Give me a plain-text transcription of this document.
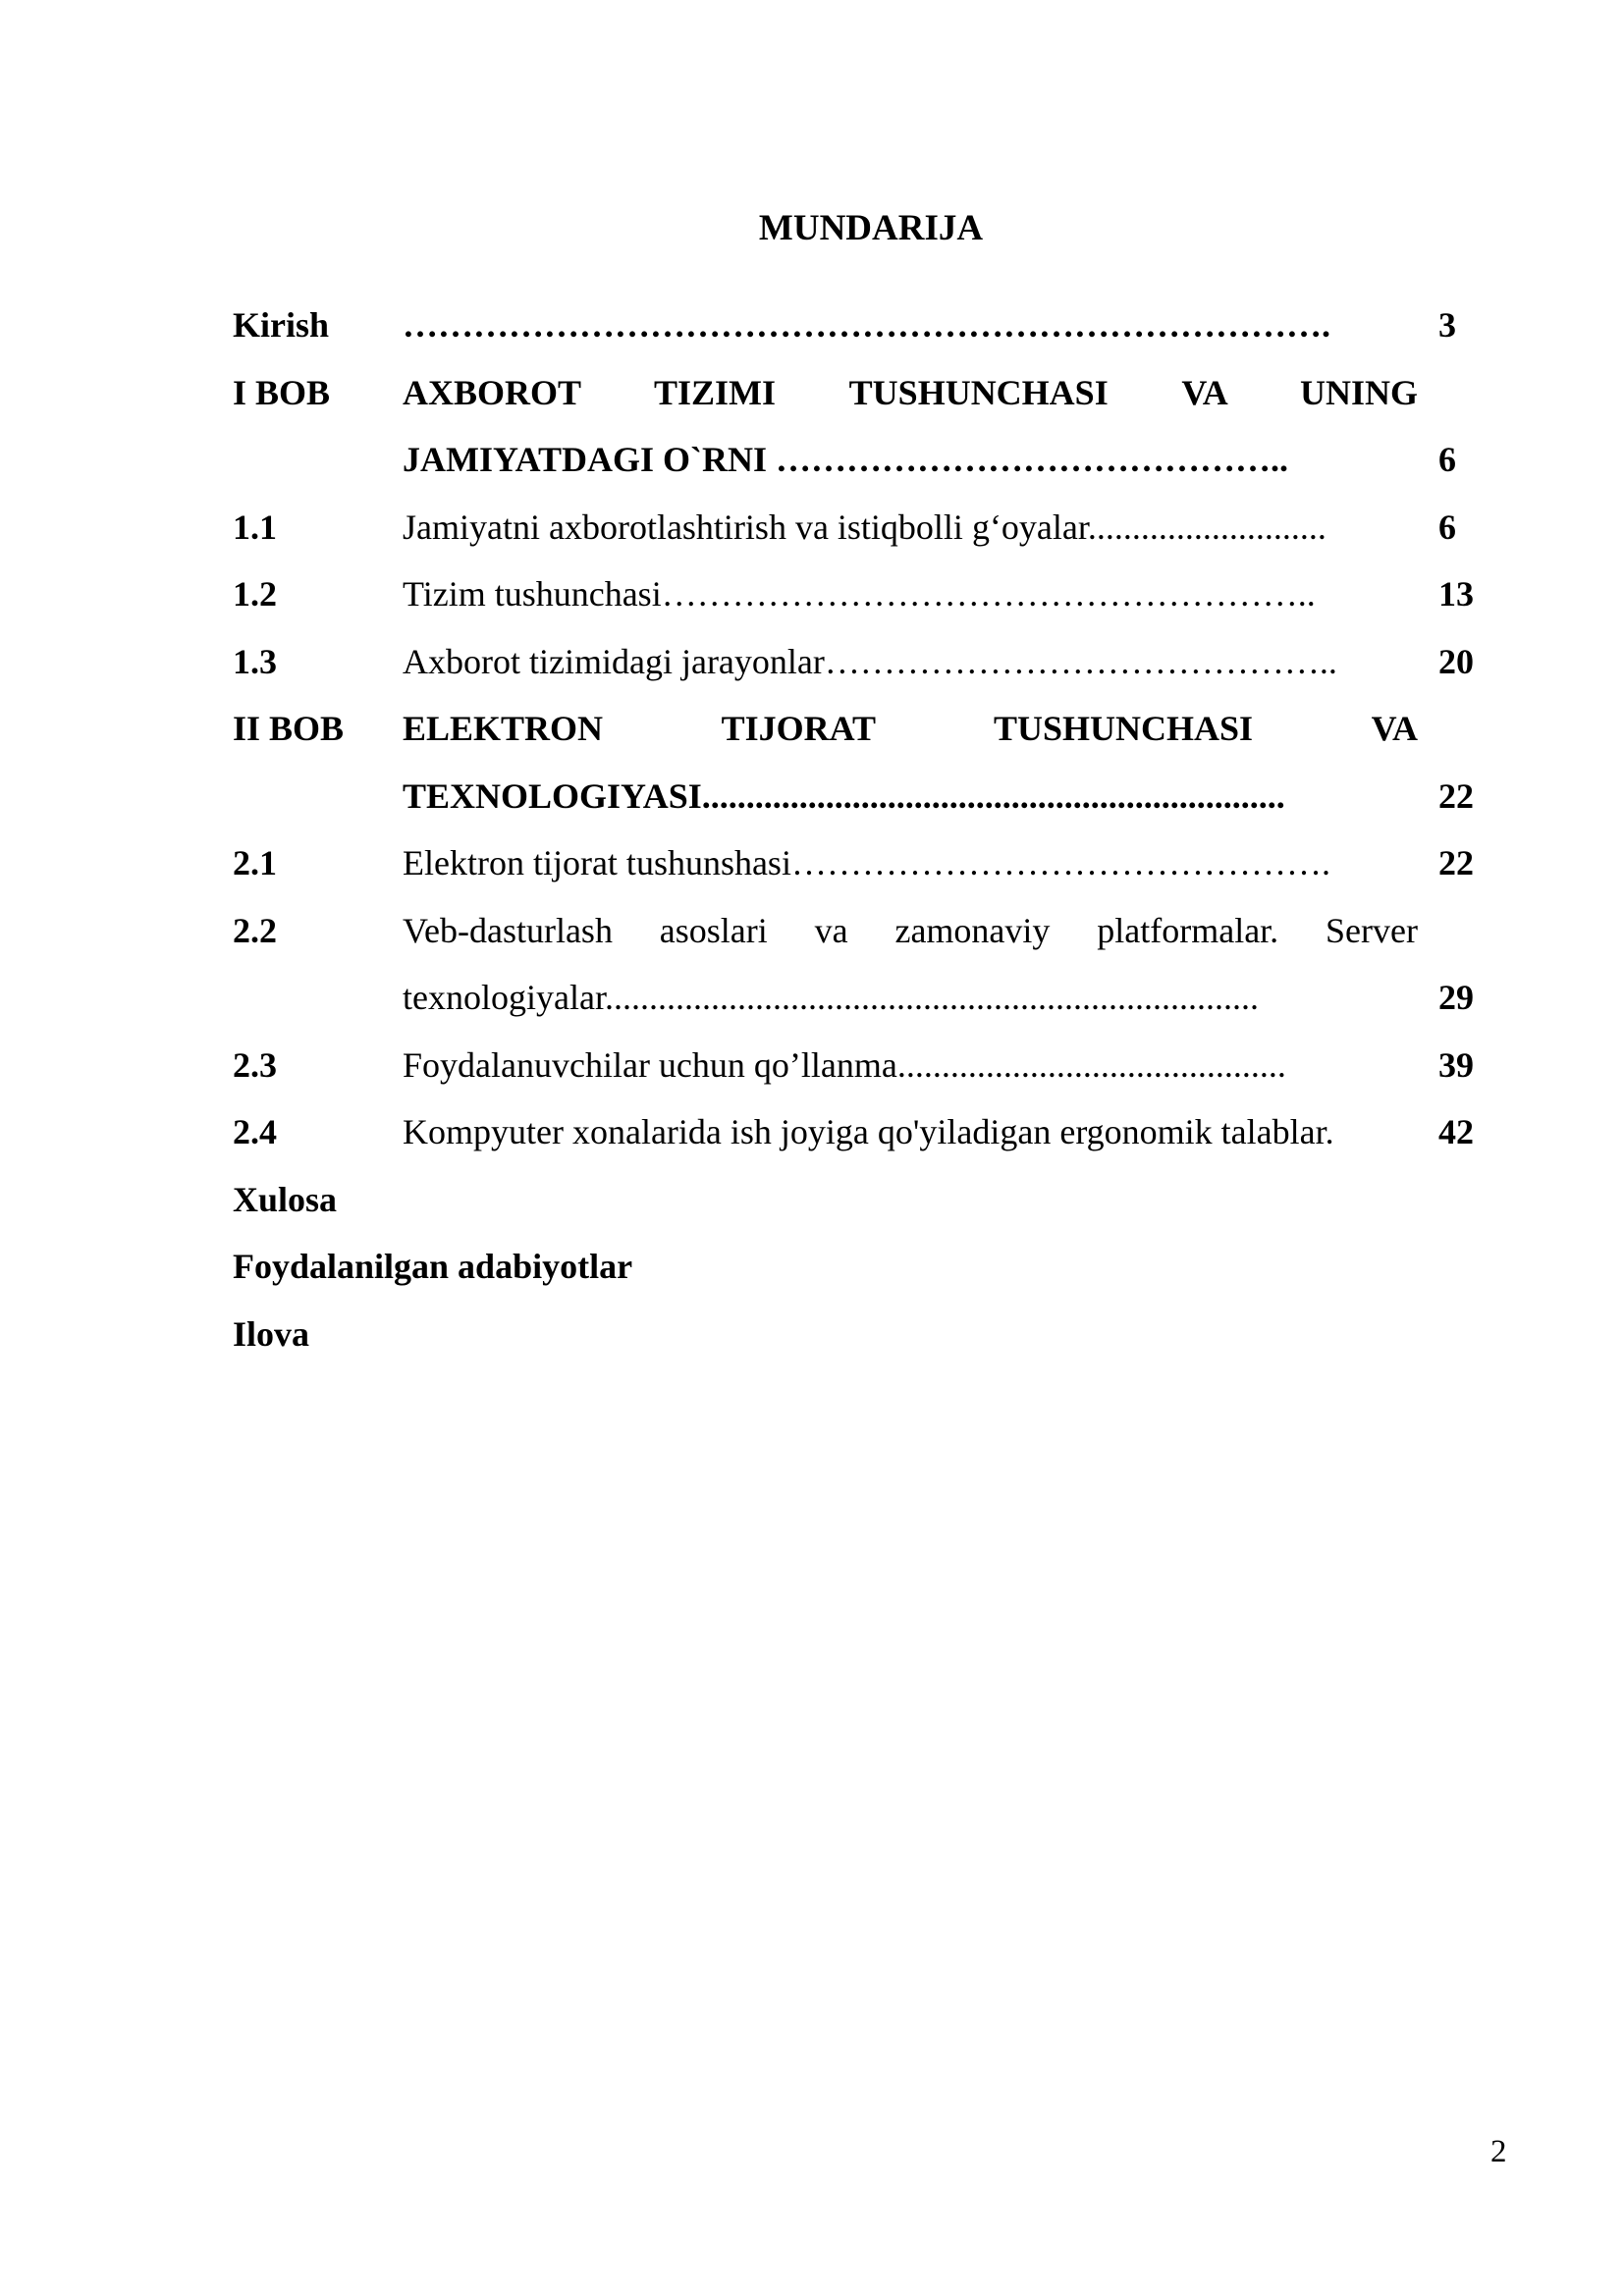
MUNDARIJA
Kirish …………………………………………………………………….	3
I BOB AXBOROT TIZIMI TUSHUNCHASI VA UNING
JAMIYATDAGI O`RNI ……………………………………..	6
1.1	Jamiyatni axborotlashtirish va istiqbolli g‘oyalar...........................	6
1.2	Tizim tushunchasi………………………………………………..	13
1.3	Axborot tizimidagi jarayonlar……………………………………..	20
II BOB ELEKTRON TIJORAT TUSHUNCHASI VA
TEXNOLOGIYASI..................................................................	22
2.1	Elektron tijorat tushunshasi……………………………………….	22
2.2	Veb-dasturlash asoslari va zamonaviy platformalar. Server
texnologiyalar..........................................................................	29
2.3	Foydalanuvchilar uchun qo’llanma............................................	39
2.4	Kompyuter xonalarida ish joyiga qo'yiladigan ergonomik talablar.	42
Xulosa
Foydalanilgan adabiyotlar
Ilova
2
